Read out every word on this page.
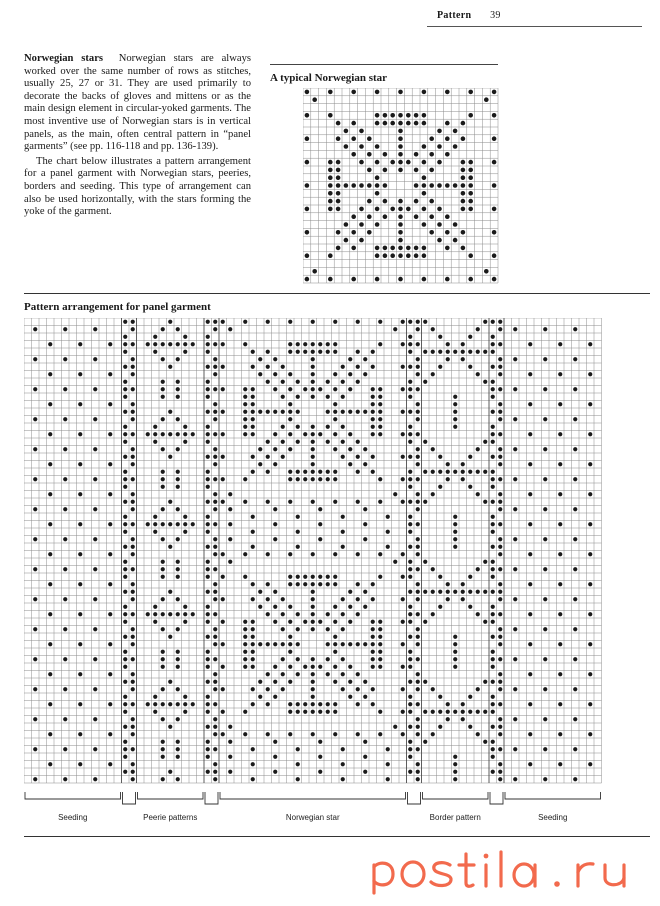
Pattern 39

Norwegian stars Norwegian stars are always worked over the same number of rows as stitches, usually 25, 27 or 31. They are used primarily to decorate the backs of gloves and mittens or as the main design element in circular-yoked garments. The most inventive use of Norwegian stars is in vertical panels, as the main, often central pattern in “panel garments” (see pp. 116-118 and pp. 136-139).

The chart below illustrates a pattern arrangement for a panel garment with Norwegian stars, peeries, borders and seeding. This type of arrangement can also be used horizontally, with the stars forming the yoke of the garment.

A typical Norwegian star
Pattern arrangement for panel garment
Seeding	Peerie patterns	Norwegian star	Border pattern	Seeding
